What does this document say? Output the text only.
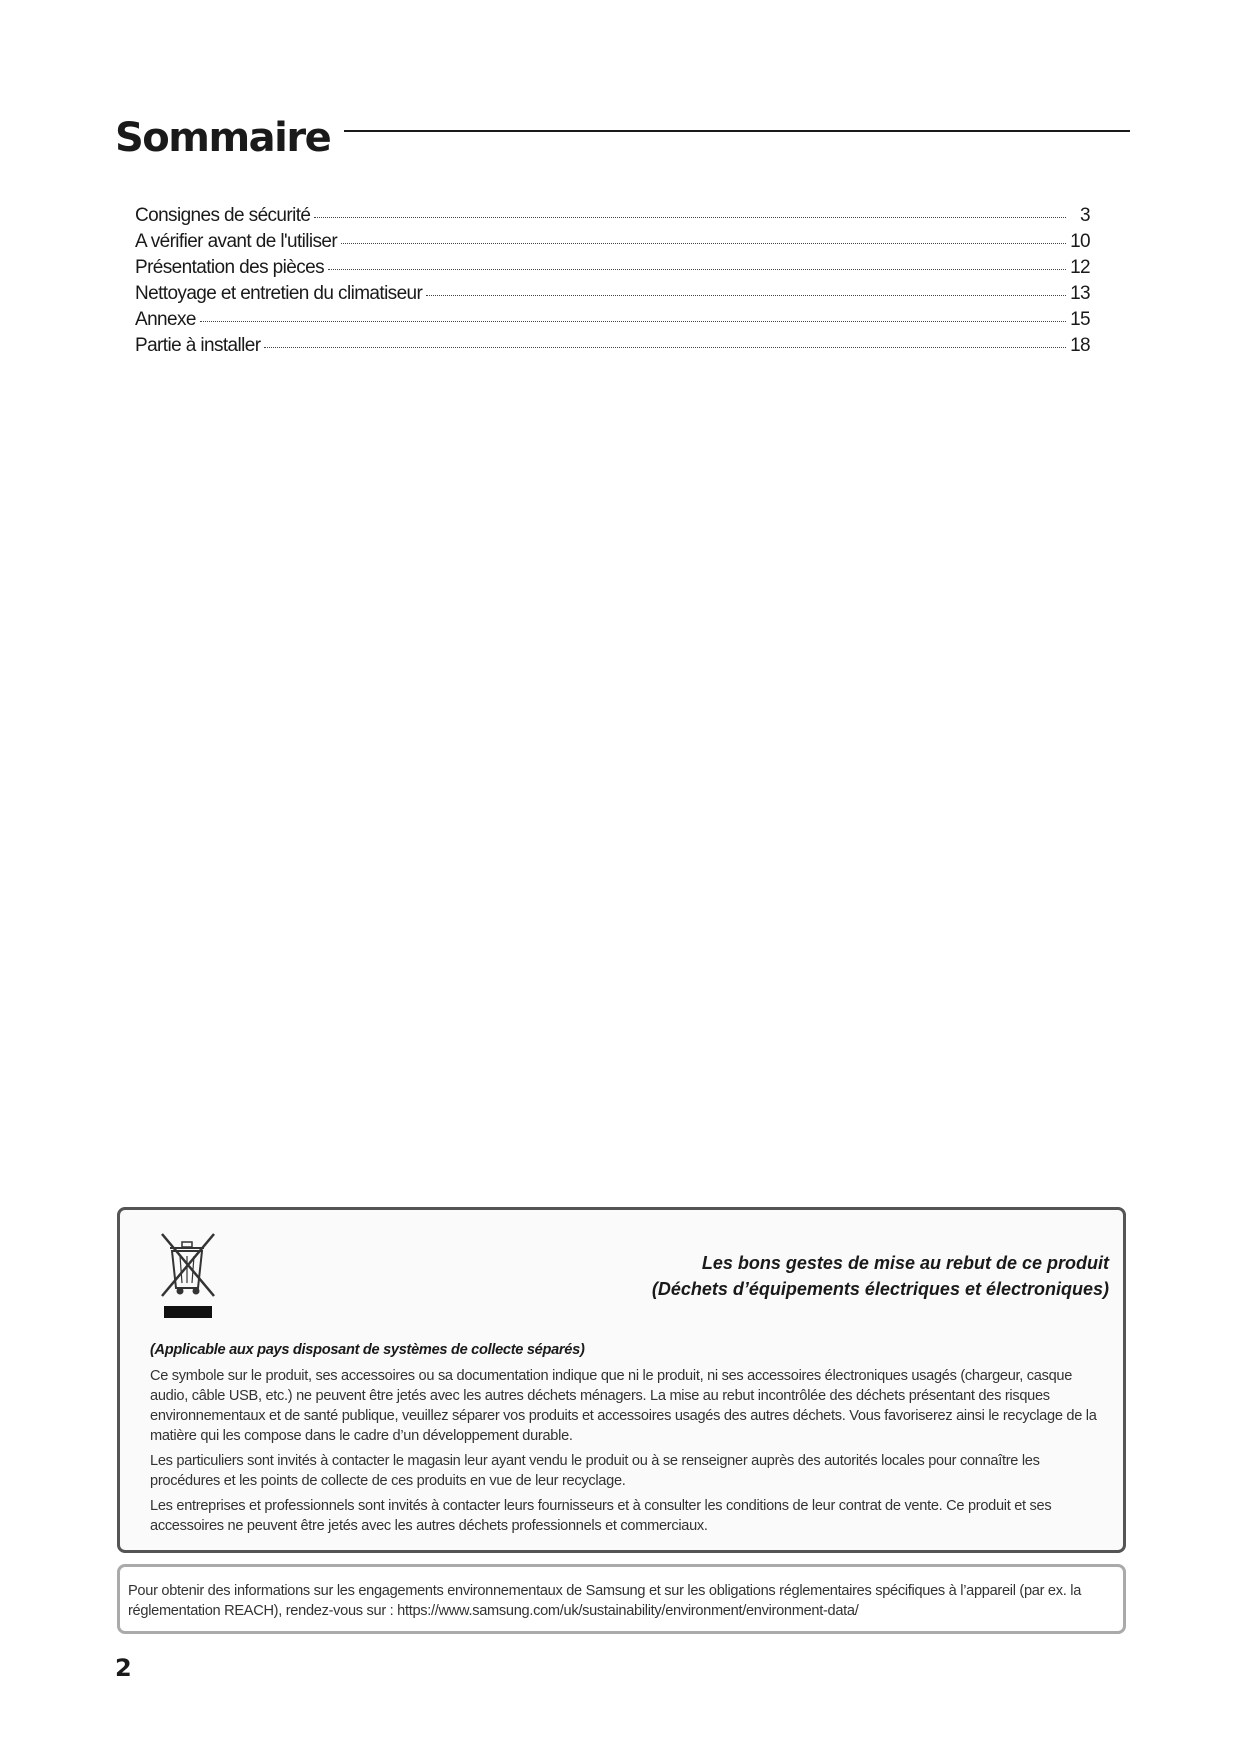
Sommaire
Consignes de sécurité	3
A vérifier avant de l'utiliser	10
Présentation des pièces	12
Nettoyage et entretien du climatiseur	13
Annexe	15
Partie à installer	18
Les bons gestes de mise au rebut de ce produit
(Déchets d’équipements électriques et électroniques)

(Applicable aux pays disposant de systèmes de collecte séparés)

Ce symbole sur le produit, ses accessoires ou sa documentation indique que ni le produit, ni ses accessoires électroniques usagés (chargeur, casque audio, câble USB, etc.) ne peuvent être jetés avec les autres déchets ménagers. La mise au rebut incontrôlée des déchets présentant des risques environnementaux et de santé publique, veuillez séparer vos produits et accessoires usagés des autres déchets. Vous favoriserez ainsi le recyclage de la matière qui les compose dans le cadre d’un développement durable.

Les particuliers sont invités à contacter le magasin leur ayant vendu le produit ou à se renseigner auprès des autorités locales pour connaître les procédures et les points de collecte de ces produits en vue de leur recyclage.

Les entreprises et professionnels sont invités à contacter leurs fournisseurs et à consulter les conditions de leur contrat de vente. Ce produit et ses accessoires ne peuvent être jetés avec les autres déchets professionnels et commerciaux.

Pour obtenir des informations sur les engagements environnementaux de Samsung et sur les obligations réglementaires spécifiques à l’appareil (par ex. la réglementation REACH), rendez-vous sur : https://www.samsung.com/uk/sustainability/environment/environment-data/
2
